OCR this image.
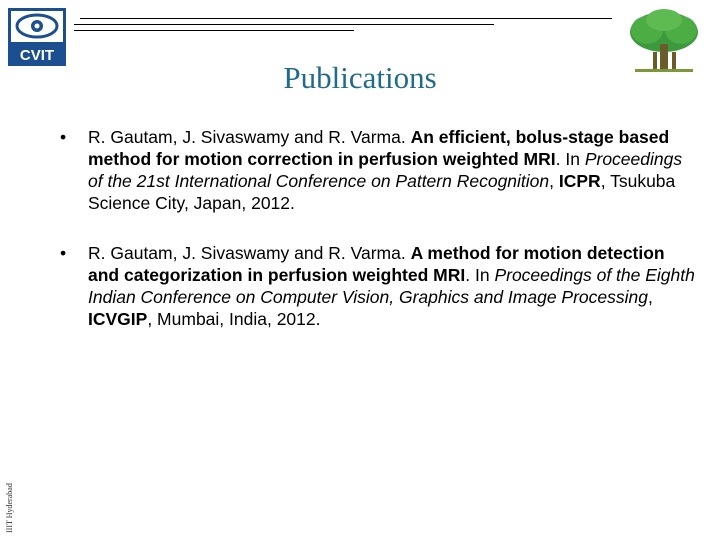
CVIT
Publications
• R. Gautam, J. Sivaswamy and R. Varma. An efficient, bolus-stage based method for motion correction in perfusion weighted MRI. In Proceedings of the 21st International Conference on Pattern Recognition, ICPR, Tsukuba Science City, Japan, 2012.
• R. Gautam, J. Sivaswamy and R. Varma. A method for motion detection and categorization in perfusion weighted MRI. In Proceedings of the Eighth Indian Conference on Computer Vision, Graphics and Image Processing, ICVGIP, Mumbai, India, 2012.
IIIT Hyderabad
